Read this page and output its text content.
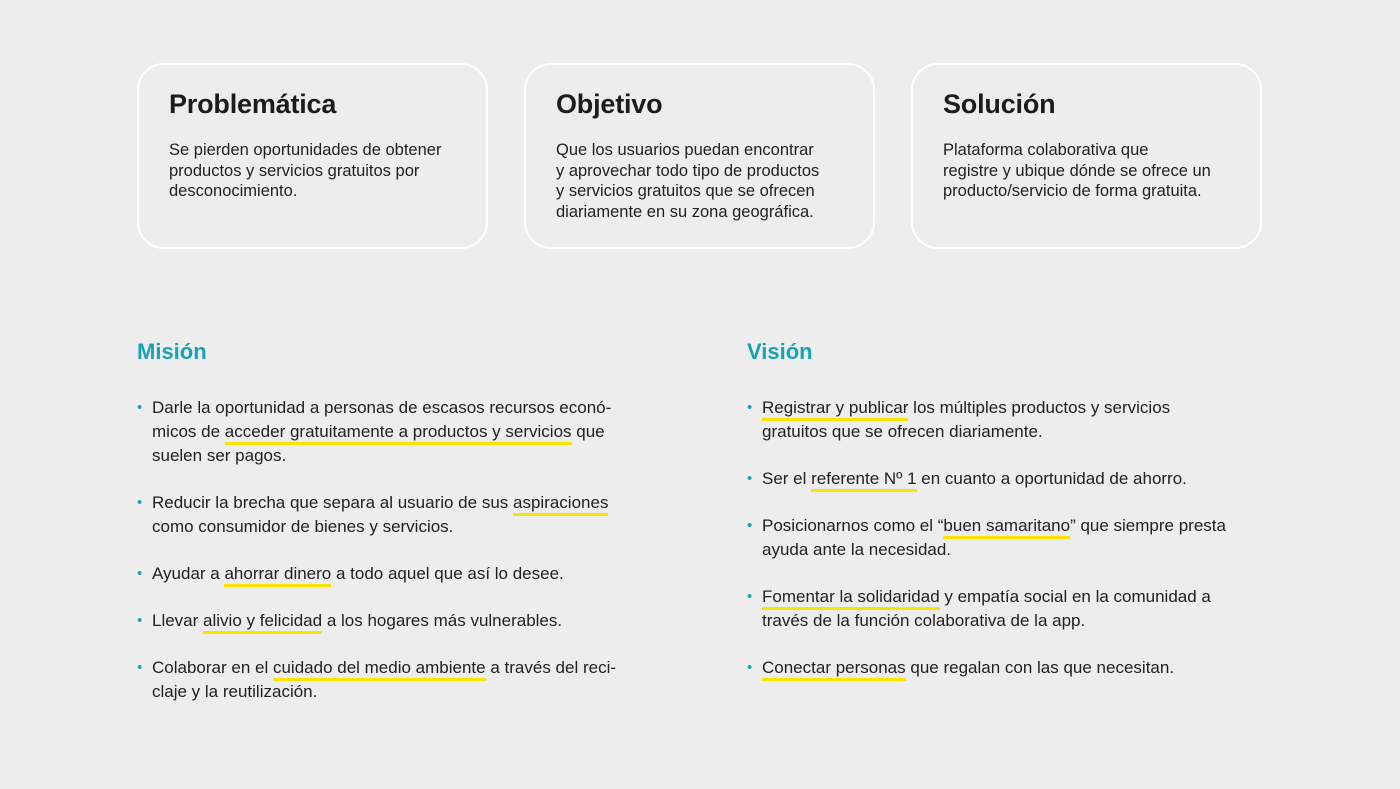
Problemática

Se pierden oportunidades de obtener
productos y servicios gratuitos por
desconocimiento.

Objetivo

Que los usuarios puedan encontrar
y aprovechar todo tipo de productos
y servicios gratuitos que se ofrecen
diariamente en su zona geográfica.

Solución

Plataforma colaborativa que
registre y ubique dónde se ofrece un
producto/servicio de forma gratuita.

Misión
• Darle la oportunidad a personas de escasos recursos econó-
micos de acceder gratuitamente a productos y servicios que
suelen ser pagos.
• Reducir la brecha que separa al usuario de sus aspiraciones
como consumidor de bienes y servicios.
• Ayudar a ahorrar dinero a todo aquel que así lo desee.
• Llevar alivio y felicidad a los hogares más vulnerables.
• Colaborar en el cuidado del medio ambiente a través del reci-
claje y la reutilización.
Visión
• Registrar y publicar los múltiples productos y servicios
gratuitos que se ofrecen diariamente.
• Ser el referente Nº 1 en cuanto a oportunidad de ahorro.
• Posicionarnos como el “buen samaritano” que siempre presta
ayuda ante la necesidad.
• Fomentar la solidaridad y empatía social en la comunidad a
través de la función colaborativa de la app.
• Conectar personas que regalan con las que necesitan.
